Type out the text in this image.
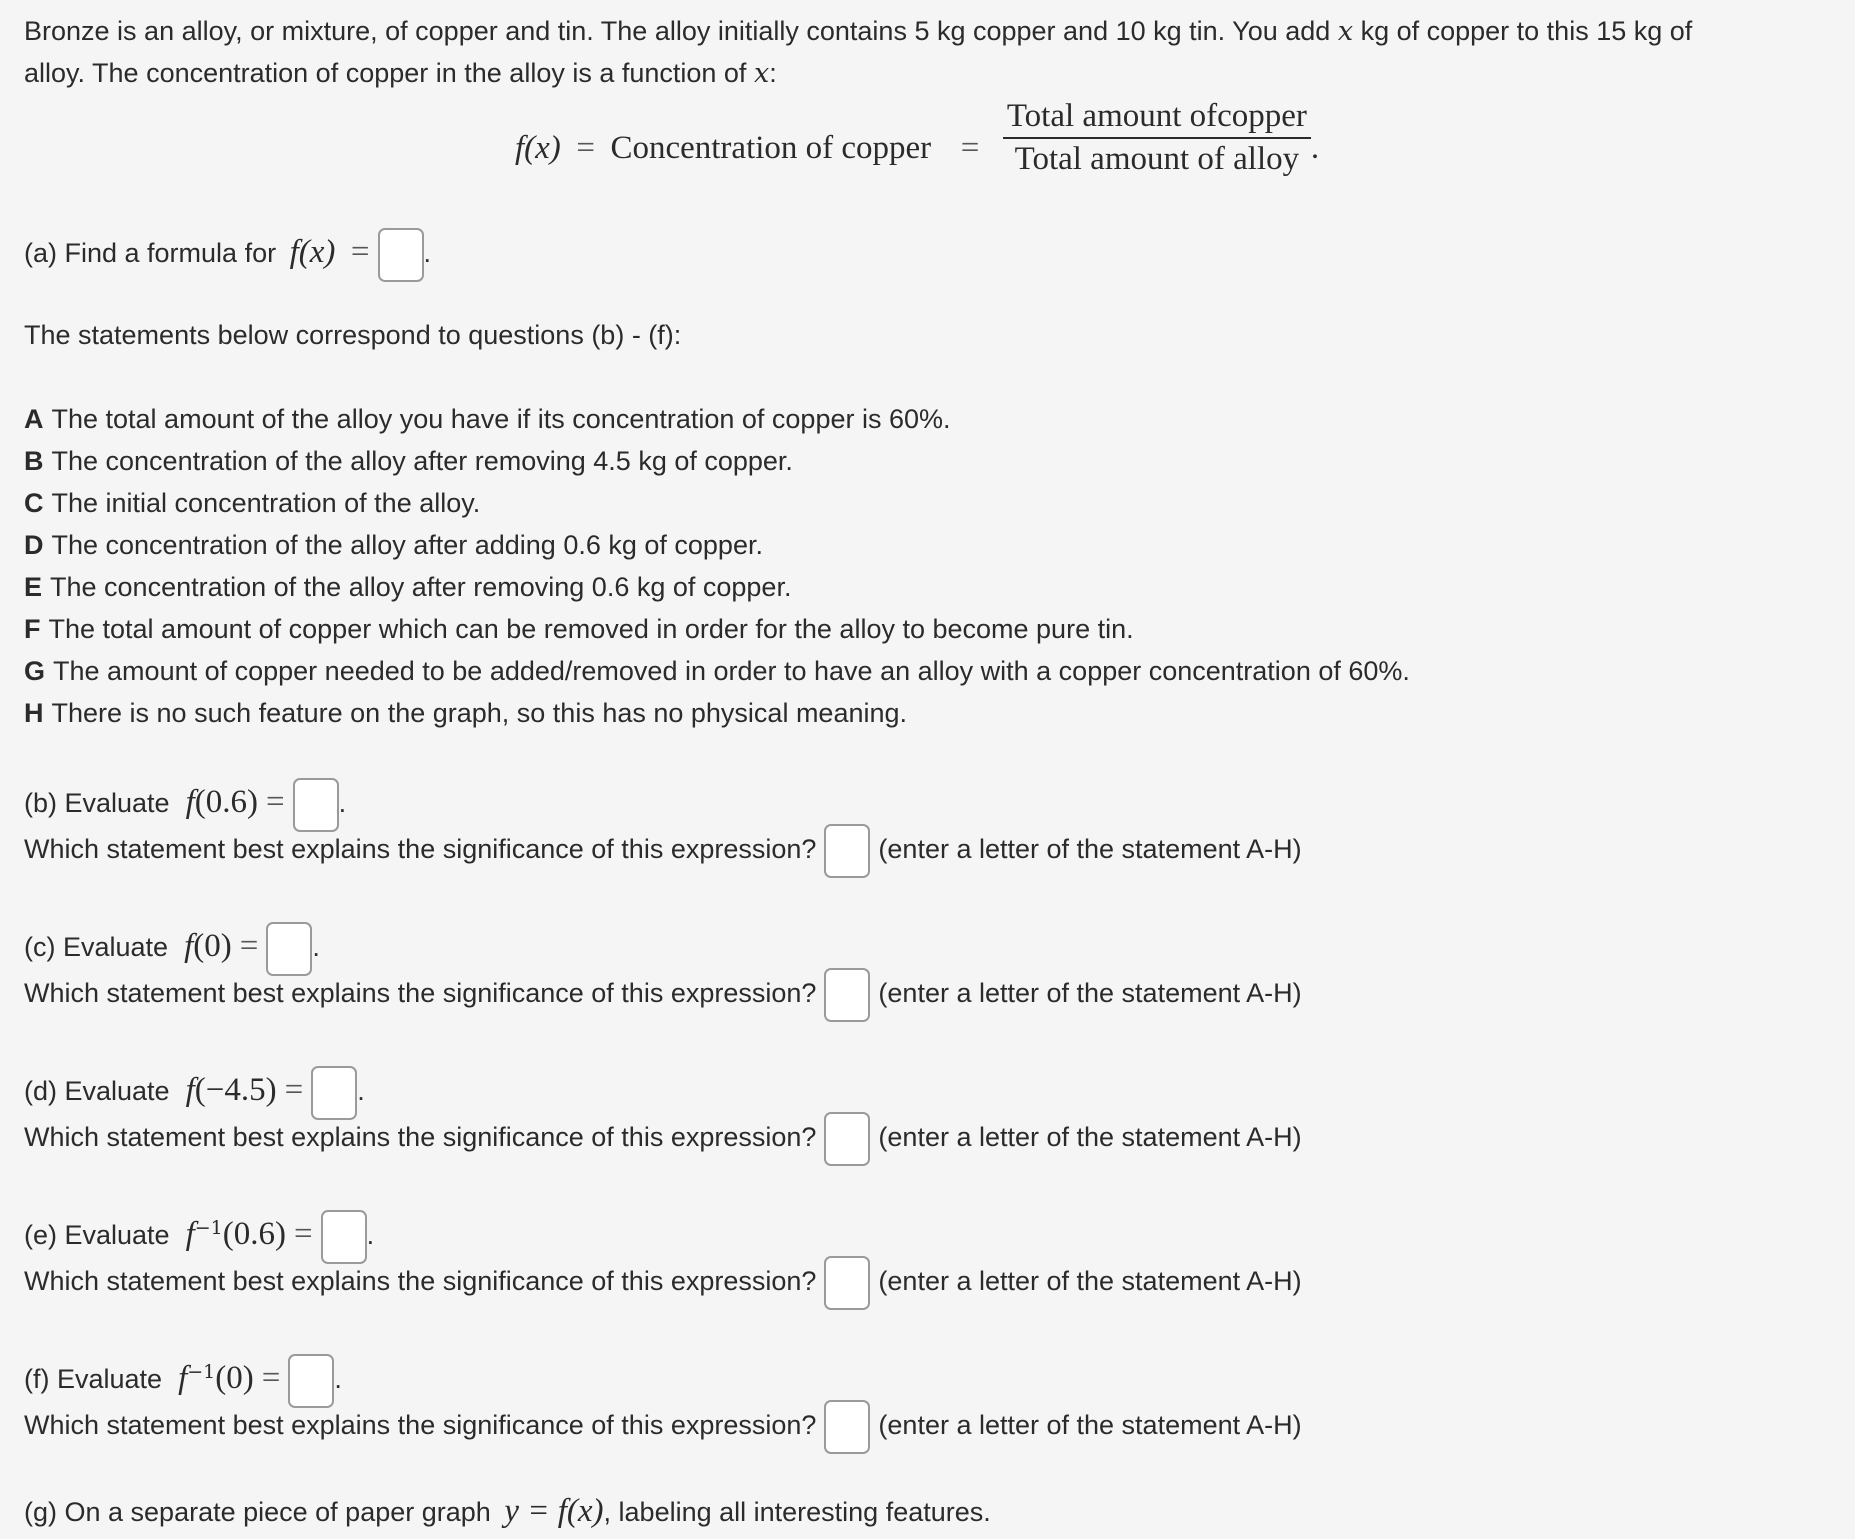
Bronze is an alloy, or mixture, of copper and tin. The alloy initially contains 5 kg copper and 10 kg tin. You add x kg of copper to this 15 kg of
alloy. The concentration of copper in the alloy is a function of x:
f(x) = Concentration of copper = $\frac{\text{Total amount ofcopper}}{\text{Total amount of alloy}}$ .
(a) Find a formula for f(x) = .
The statements below correspond to questions (b) - (f):
A The total amount of the alloy you have if its concentration of copper is 60%.
B The concentration of the alloy after removing 4.5 kg of copper.
C The initial concentration of the alloy.
D The concentration of the alloy after adding 0.6 kg of copper.
E The concentration of the alloy after removing 0.6 kg of copper.
F The total amount of copper which can be removed in order for the alloy to become pure tin.
G The amount of copper needed to be added/removed in order to have an alloy with a copper concentration of 60%.
H There is no such feature on the graph, so this has no physical meaning.
(b) Evaluate f(0.6) = .
Which statement best explains the significance of this expression? (enter a letter of the statement A-H)
(c) Evaluate f(0) = .
Which statement best explains the significance of this expression? (enter a letter of the statement A-H)
(d) Evaluate f(−4.5) = .
Which statement best explains the significance of this expression? (enter a letter of the statement A-H)
(e) Evaluate $f^{-1}(0.6)$ = .
Which statement best explains the significance of this expression? (enter a letter of the statement A-H)
(f) Evaluate $f^{-1}(0)$ = .
Which statement best explains the significance of this expression? (enter a letter of the statement A-H)
(g) On a separate piece of paper graph y = f(x), labeling all interesting features.
